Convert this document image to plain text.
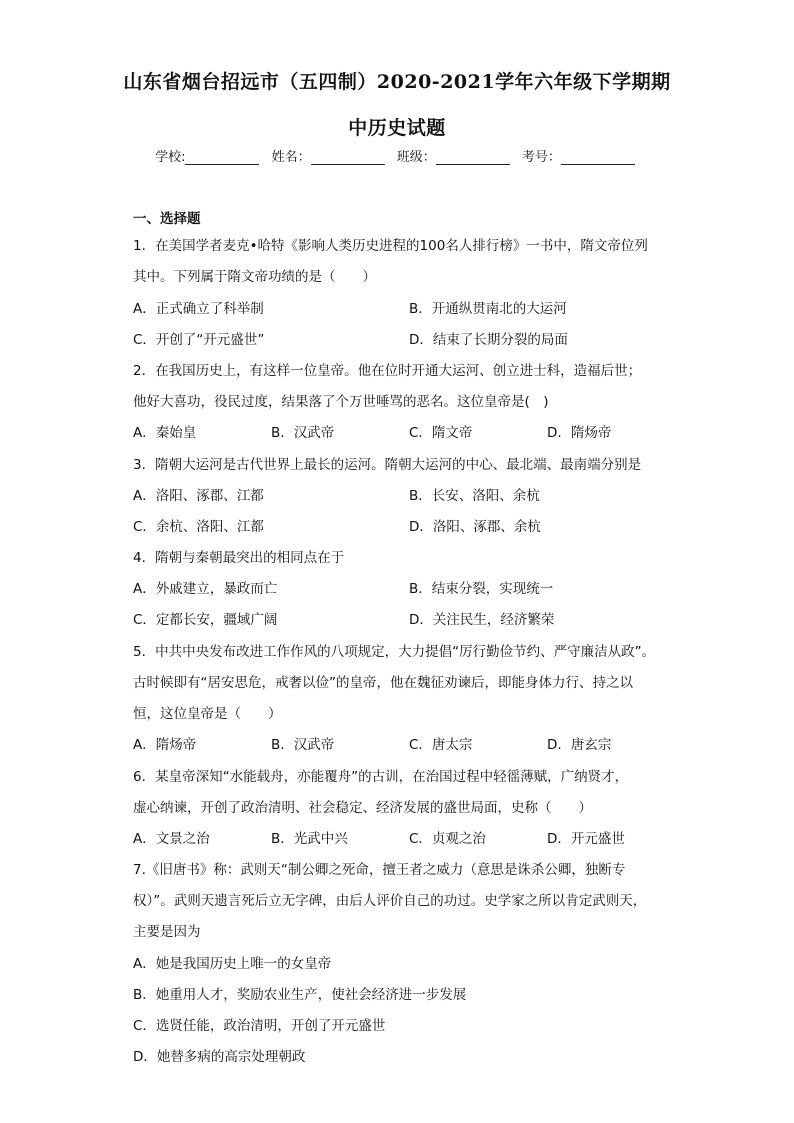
山东省烟台招远市（五四制）2020-2021学年六年级下学期期
中历史试题
学校:	姓名：	班级：	考号：
一、选择题
1．在美国学者麦克•哈特《影响人类历史进程的100名人排行榜》一书中，隋文帝位列
其中。下列属于隋文帝功绩的是（　　）
A．正式确立了科举制	B．开通纵贯南北的大运河
C．开创了“开元盛世”	D．结束了长期分裂的局面
2．在我国历史上，有这样一位皇帝。他在位时开通大运河、创立进士科，造福后世；
他好大喜功，役民过度，结果落了个万世唾骂的恶名。这位皇帝是(　)
A．秦始皇	B．汉武帝	C．隋文帝	D．隋炀帝
3．隋朝大运河是古代世界上最长的运河。隋朝大运河的中心、最北端、最南端分别是
A．洛阳、涿郡、江都	B．长安、洛阳、余杭
C．余杭、洛阳、江都	D．洛阳、涿郡、余杭
4．隋朝与秦朝最突出的相同点在于
A．外戚建立，暴政而亡	B．结束分裂，实现统一
C．定都长安，疆域广阔	D．关注民生，经济繁荣
5．中共中央发布改进工作作风的八项规定，大力提倡“厉行勤俭节约、严守廉洁从政”。
古时候即有“居安思危，戒奢以俭”的皇帝，他在魏征劝谏后，即能身体力行、持之以
恒，这位皇帝是（　　）
A．隋炀帝	B．汉武帝	C．唐太宗	D．唐玄宗
6．某皇帝深知“水能载舟，亦能覆舟”的古训，在治国过程中轻徭薄赋，广纳贤才，
虚心纳谏，开创了政治清明、社会稳定、经济发展的盛世局面，史称（　　）
A．文景之治	B．光武中兴	C．贞观之治	D．开元盛世
7.《旧唐书》称：武则天“制公卿之死命，擅王者之威力（意思是诛杀公卿，独断专
权）”。武则天遗言死后立无字碑，由后人评价自己的功过。史学家之所以肯定武则天，
主要是因为
A．她是我国历史上唯一的女皇帝
B．她重用人才，奖励农业生产，使社会经济进一步发展
C．选贤任能，政治清明，开创了开元盛世
D．她替多病的高宗处理朝政
